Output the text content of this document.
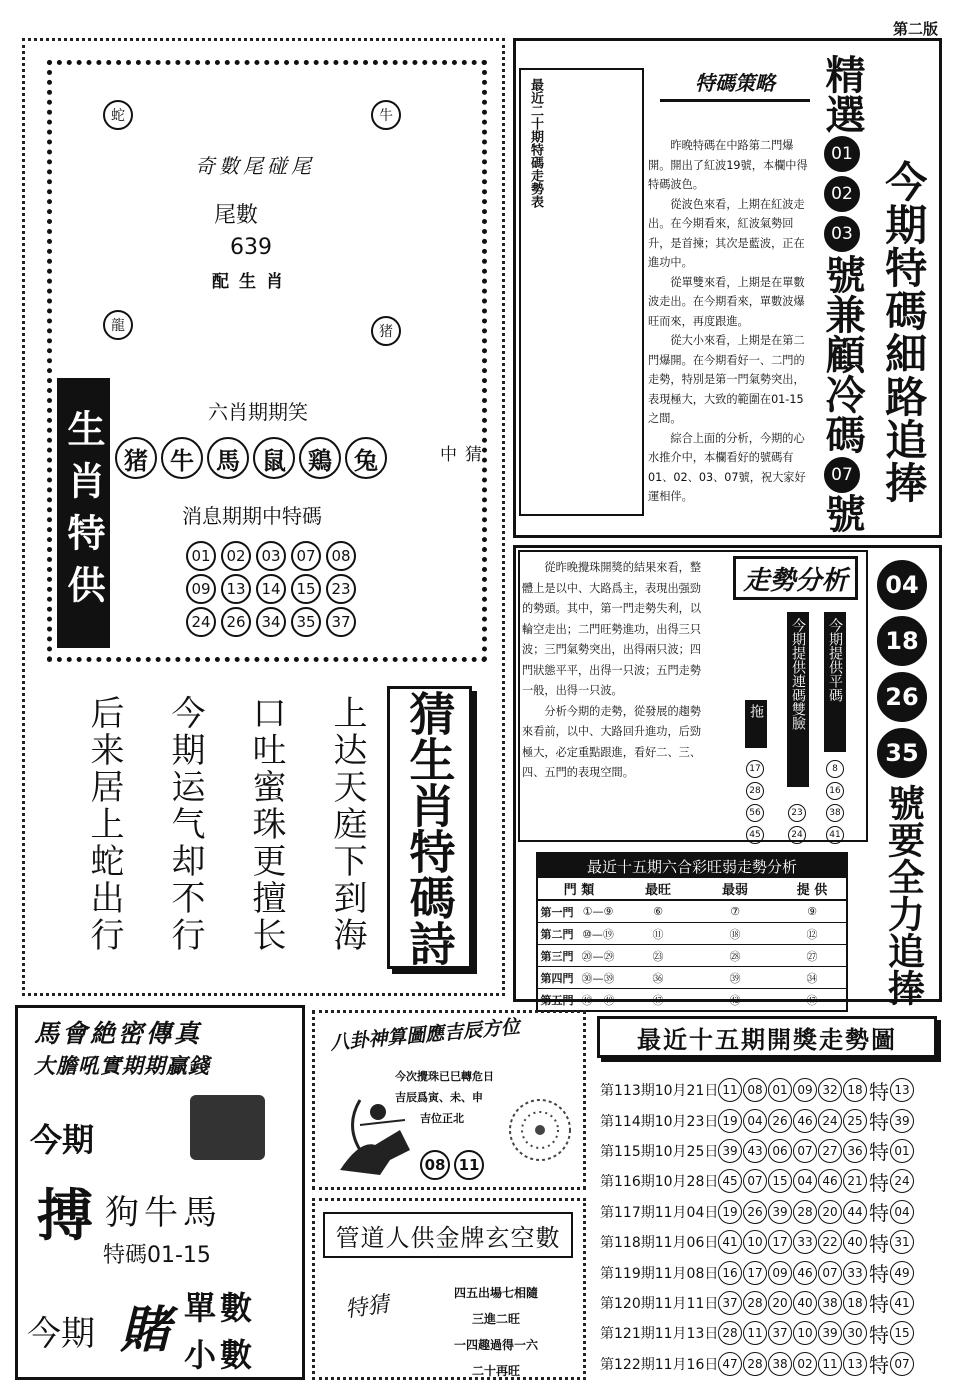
第二版
蛇	牛
龍	猪
奇數尾碰尾
尾數
639
配生肖
生肖特供	六肖期期笑
猪 牛 馬 鼠 鶏 兔
消息期期中特碼
01	02	03	07	08
09	13	14	15	23
24	26	34	35	37
猜中
上达天庭下到海
口吐蜜珠更擅长
今期运气却不行
后来居上蛇出行	猜生肖特碼詩
最近二十期特碼走勢表	特碼策略

昨晚特碼在中路第二門爆開。開出了紅波19號，本欄中得特碼波色。

從波色來看，上期在紅波走出。在今期看來，紅波氣勢回升，是首揀；其次是藍波，正在進功中。

從單雙來看，上期是在單數波走出。在今期看來，單數波爆旺而來，再度跟進。

從大小來看，上期是在第二門爆開。在今期看好一、二門的走勢，特別是第一門氣勢突出，表現極大，大致的範圍在01-15之間。

綜合上面的分析，今期的心水推介中，本欄看好的號碼有01、02、03、07號，祝大家好運相伴。

精選
01
02
03
號兼顧冷碼
07
號
今期特碼細路追捧

從昨晚攪珠開獎的結果來看，整體上是以中、大路爲主，表現出强勁的勢頭。其中，第一門走勢失利，以輪空走出；二門旺勢進功，出得三只波；三門氣勢突出，出得兩只波；四門狀態平平，出得一只波；五門走勢一般，出得一只波。

分析今期的走勢，從發展的趨勢來看前，以中、大路回升進功，后勁極大，必定重點跟進，看好二、三、四、五門的表現空間。

走勢分析
今期提供平碼
今期提供連碼雙臉
拖
8
16
38
41
23
24
17
28
56
45
04
18
26
35
號要全力追捧
最近十五期六合彩旺弱走勢分析
門 類	最旺	最弱	提 供
第一門 ①—⑨	⑥	⑦	⑨
第二門 ⑩—⑲	⑪	⑱	⑫
第三門 ⑳—㉙	㉓	㉘	㉗
第四門 ㉚—㊴	㊱	㊴	㉞
第五門 ㊵—㊾	㊼	㊷	㊼
馬會絶密傳真
大膽吼實期期贏錢
今期
搏 狗牛馬
特碼01-15
今期 賭 單數
小數
八卦神算圖應吉辰方位
今次攪珠已巳轉危日
吉辰爲寅、未、申
吉位正北
08 11
管道人供金牌玄空數
特猜	四五出場七相隨
三進二旺
一四趣過得一六
二十再旺
最近十五期開獎走勢圖
第113期10月21日 11 08 01 09 32 18 特 13
第114期10月23日 19 04 26 46 24 25 特 39
第115期10月25日 39 43 06 07 27 36 特 01
第116期10月28日 45 07 15 04 46 21 特 24
第117期11月04日 19 26 39 28 20 44 特 04
第118期11月06日 41 10 17 33 22 40 特 31
第119期11月08日 16 17 09 46 07 33 特 49
第120期11月11日 37 28 20 40 38 18 特 41
第121期11月13日 28 11 37 10 39 30 特 15
第122期11月16日 47 28 38 02 11 13 特 07
